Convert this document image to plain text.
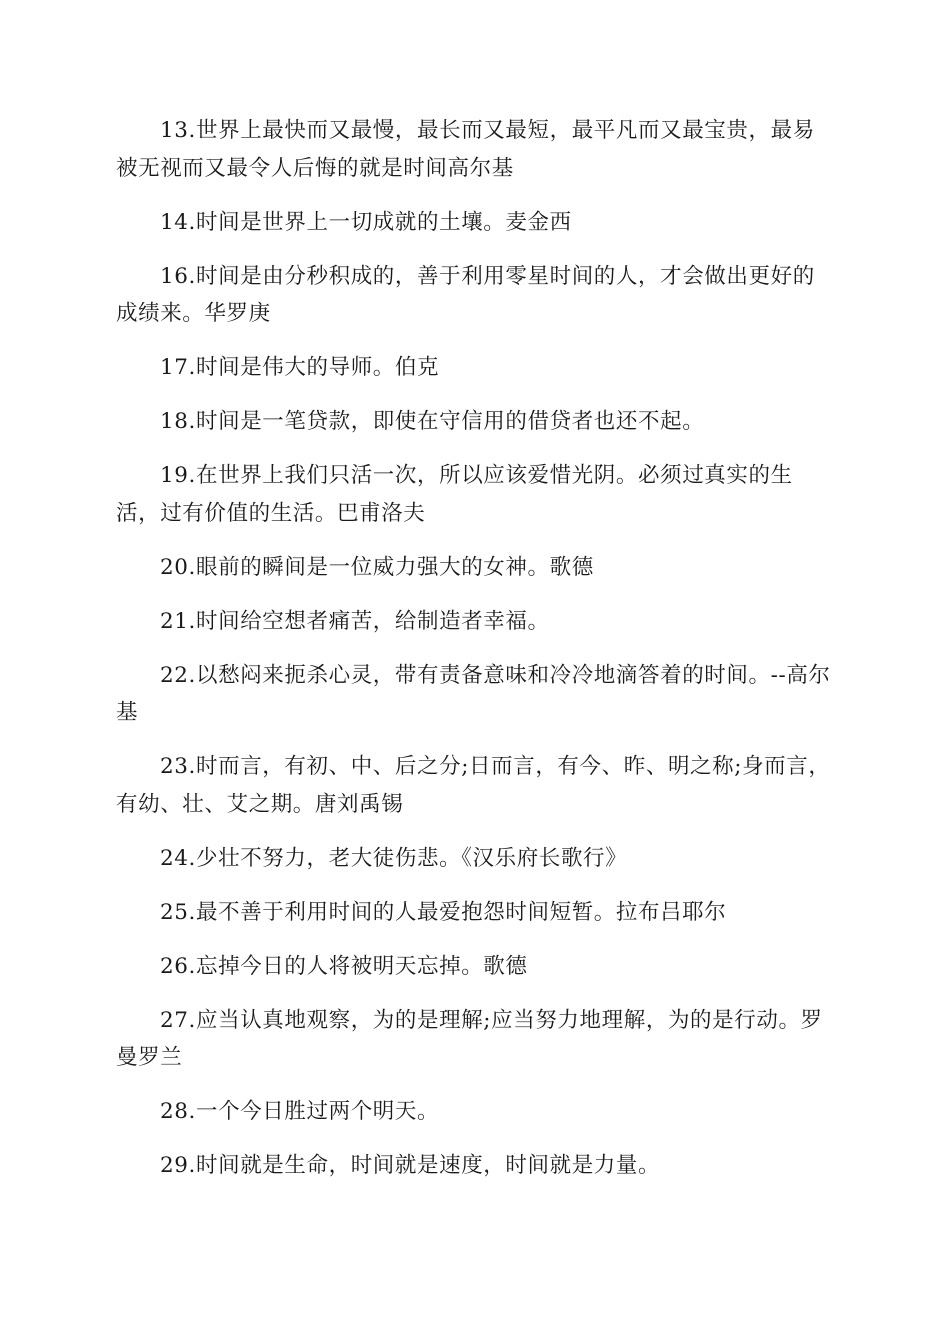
13.世界上最快而又最慢，最长而又最短，最平凡而又最宝贵，最易被无视而又最令人后悔的就是时间高尔基

14.时间是世界上一切成就的土壤。麦金西

16.时间是由分秒积成的，善于利用零星时间的人，才会做出更好的成绩来。华罗庚

17.时间是伟大的导师。伯克

18.时间是一笔贷款，即使在守信用的借贷者也还不起。

19.在世界上我们只活一次，所以应该爱惜光阴。必须过真实的生活，过有价值的生活。巴甫洛夫

20.眼前的瞬间是一位威力强大的女神。歌德

21.时间给空想者痛苦，给制造者幸福。

22.以愁闷来扼杀心灵，带有责备意味和冷冷地滴答着的时间。--高尔基

23.时而言，有初、中、后之分;日而言，有今、昨、明之称;身而言，有幼、壮、艾之期。唐刘禹锡

24.少壮不努力，老大徒伤悲。《汉乐府长歌行》

25.最不善于利用时间的人最爱抱怨时间短暂。拉布吕耶尔

26.忘掉今日的人将被明天忘掉。歌德

27.应当认真地观察，为的是理解;应当努力地理解，为的是行动。罗曼罗兰

28.一个今日胜过两个明天。

29.时间就是生命，时间就是速度，时间就是力量。
